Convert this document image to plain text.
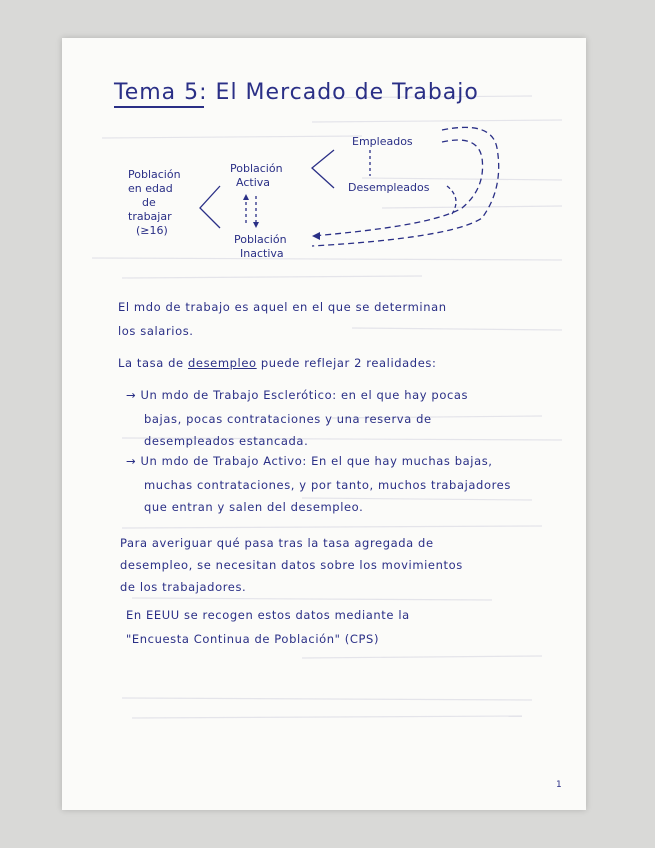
Tema 5: El Mercado de Trabajo
Población
en edad
de
trabajar
(≥16)
Población
Activa
Población
Inactiva
Empleados
Desempleados
El mdo de trabajo es aquel en el que se determinan
los salarios.
La tasa de desempleo puede reflejar 2 realidades:
→ Un mdo de Trabajo Esclerótico: en el que hay pocas
bajas, pocas contrataciones y una reserva de
desempleados estancada.
→ Un mdo de Trabajo Activo: En el que hay muchas bajas,
muchas contrataciones, y por tanto, muchos trabajadores
que entran y salen del desempleo.
Para averiguar qué pasa tras la tasa agregada de
desempleo, se necesitan datos sobre los movimientos
de los trabajadores.
En EEUU se recogen estos datos mediante la
"Encuesta Continua de Población" (CPS)
1
